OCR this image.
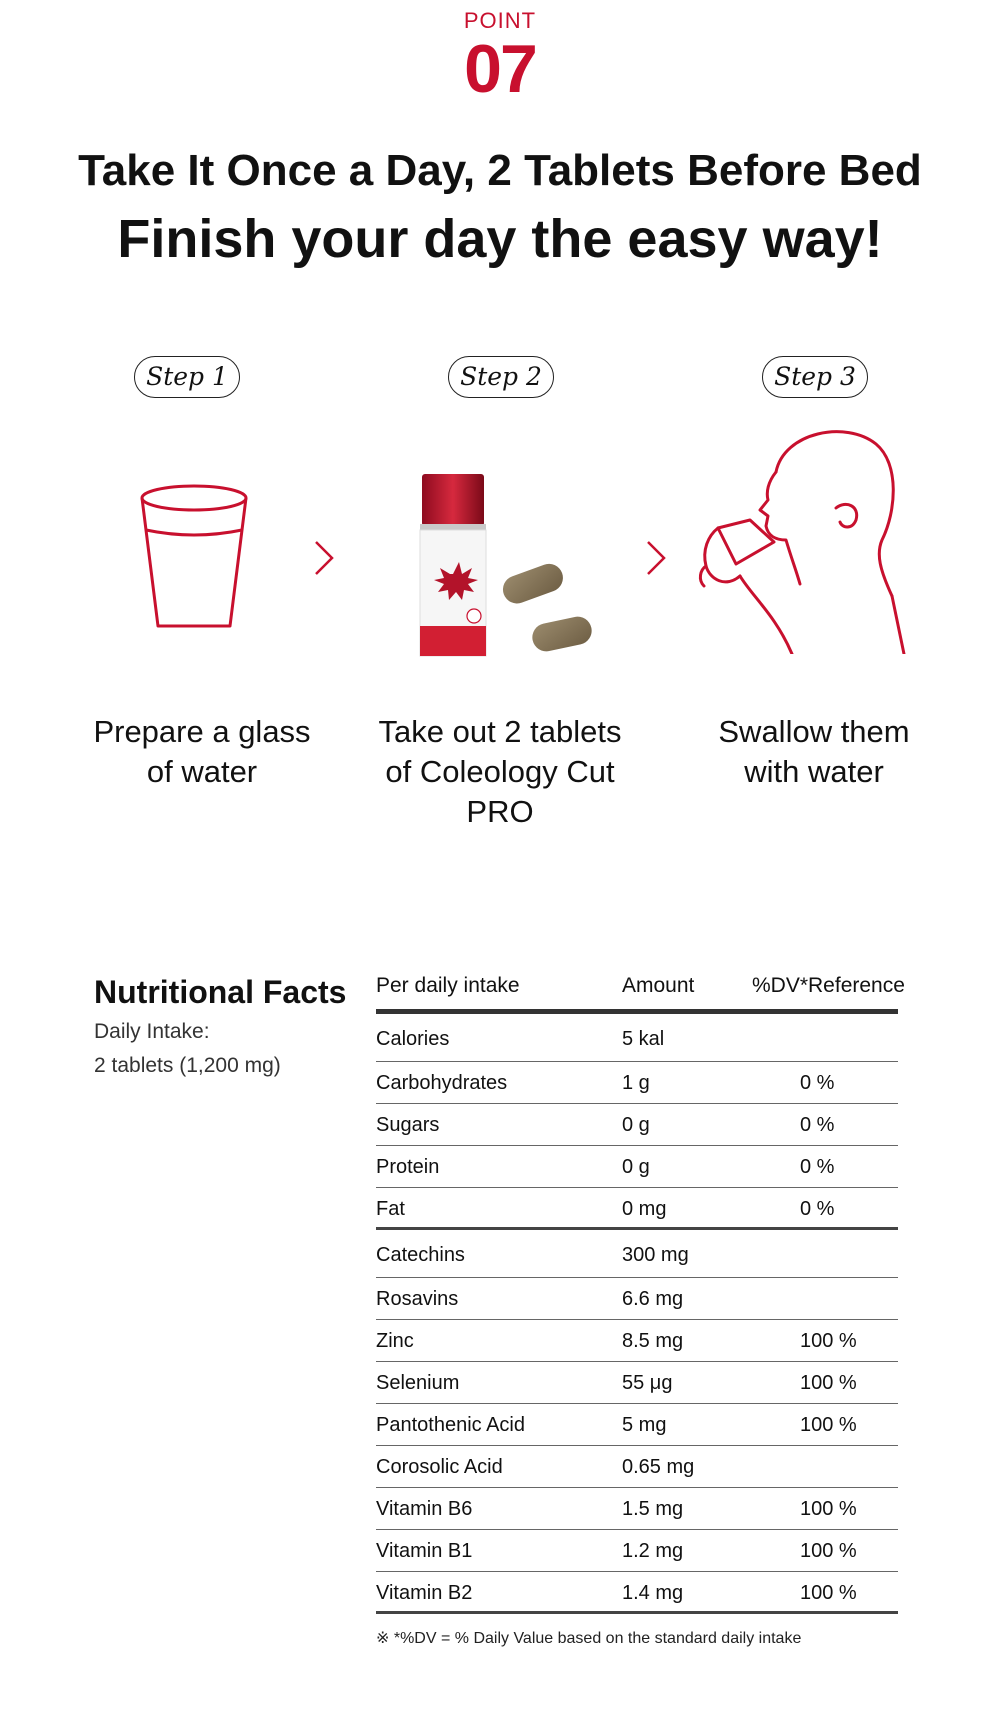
POINT
07
Take It Once a Day, 2 Tablets Before Bed
Finish your day the easy way!
Step 1	Step 2	Step 3
Prepare a glass
of water
Take out 2 tablets
of Coleology Cut PRO
Swallow them
with water
Nutritional Facts
Daily Intake:
2 tablets (1,200 mg)
Per daily intake	Amount	%DV*Reference
Calories	5 kal
Carbohydrates	1 g	0 %
Sugars	0 g	0 %
Protein	0 g	0 %
Fat	0 mg	0 %
Catechins	300 mg
Rosavins	6.6 mg
Zinc	8.5 mg	100 %
Selenium	55 μg	100 %
Pantothenic Acid	5 mg	100 %
Corosolic Acid	0.65 mg
Vitamin B6	1.5 mg	100 %
Vitamin B1	1.2 mg	100 %
Vitamin B2	1.4 mg	100 %
※ *%DV = % Daily Value based on the standard daily intake
